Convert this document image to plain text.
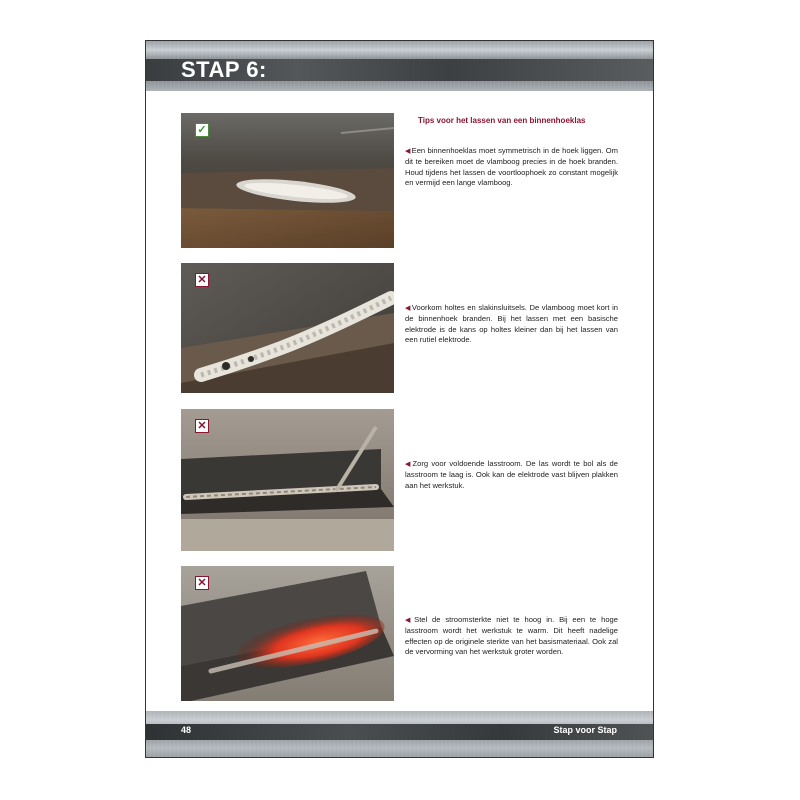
STAP 6:
Tips voor het lassen van een binnenhoeklas
✓
✕
✕
✕
◀Een binnenhoeklas moet symmetrisch in de hoek liggen. Om dit te bereiken moet de vlamboog precies in de hoek branden. Houd tijdens het lassen de voortloophoek zo constant mogelijk en vermijd een lange vlamboog.
◀Voorkom holtes en slakinsluitsels. De vlamboog moet kort in de binnenhoek branden. Bij het lassen met een basische elektrode is de kans op holtes kleiner dan bij het lassen van een rutiel elektrode.
◀Zorg voor voldoende lasstroom. De las wordt te bol als de lasstroom te laag is. Ook kan de elektrode vast blijven plakken aan het werkstuk.
◀Stel de stroomsterkte niet te hoog in. Bij een te hoge lasstroom wordt het werkstuk te warm. Dit heeft nadelige effecten op de originele sterkte van het basismateriaal. Ook zal de vervorming van het werkstuk groter worden.
48	Stap voor Stap
